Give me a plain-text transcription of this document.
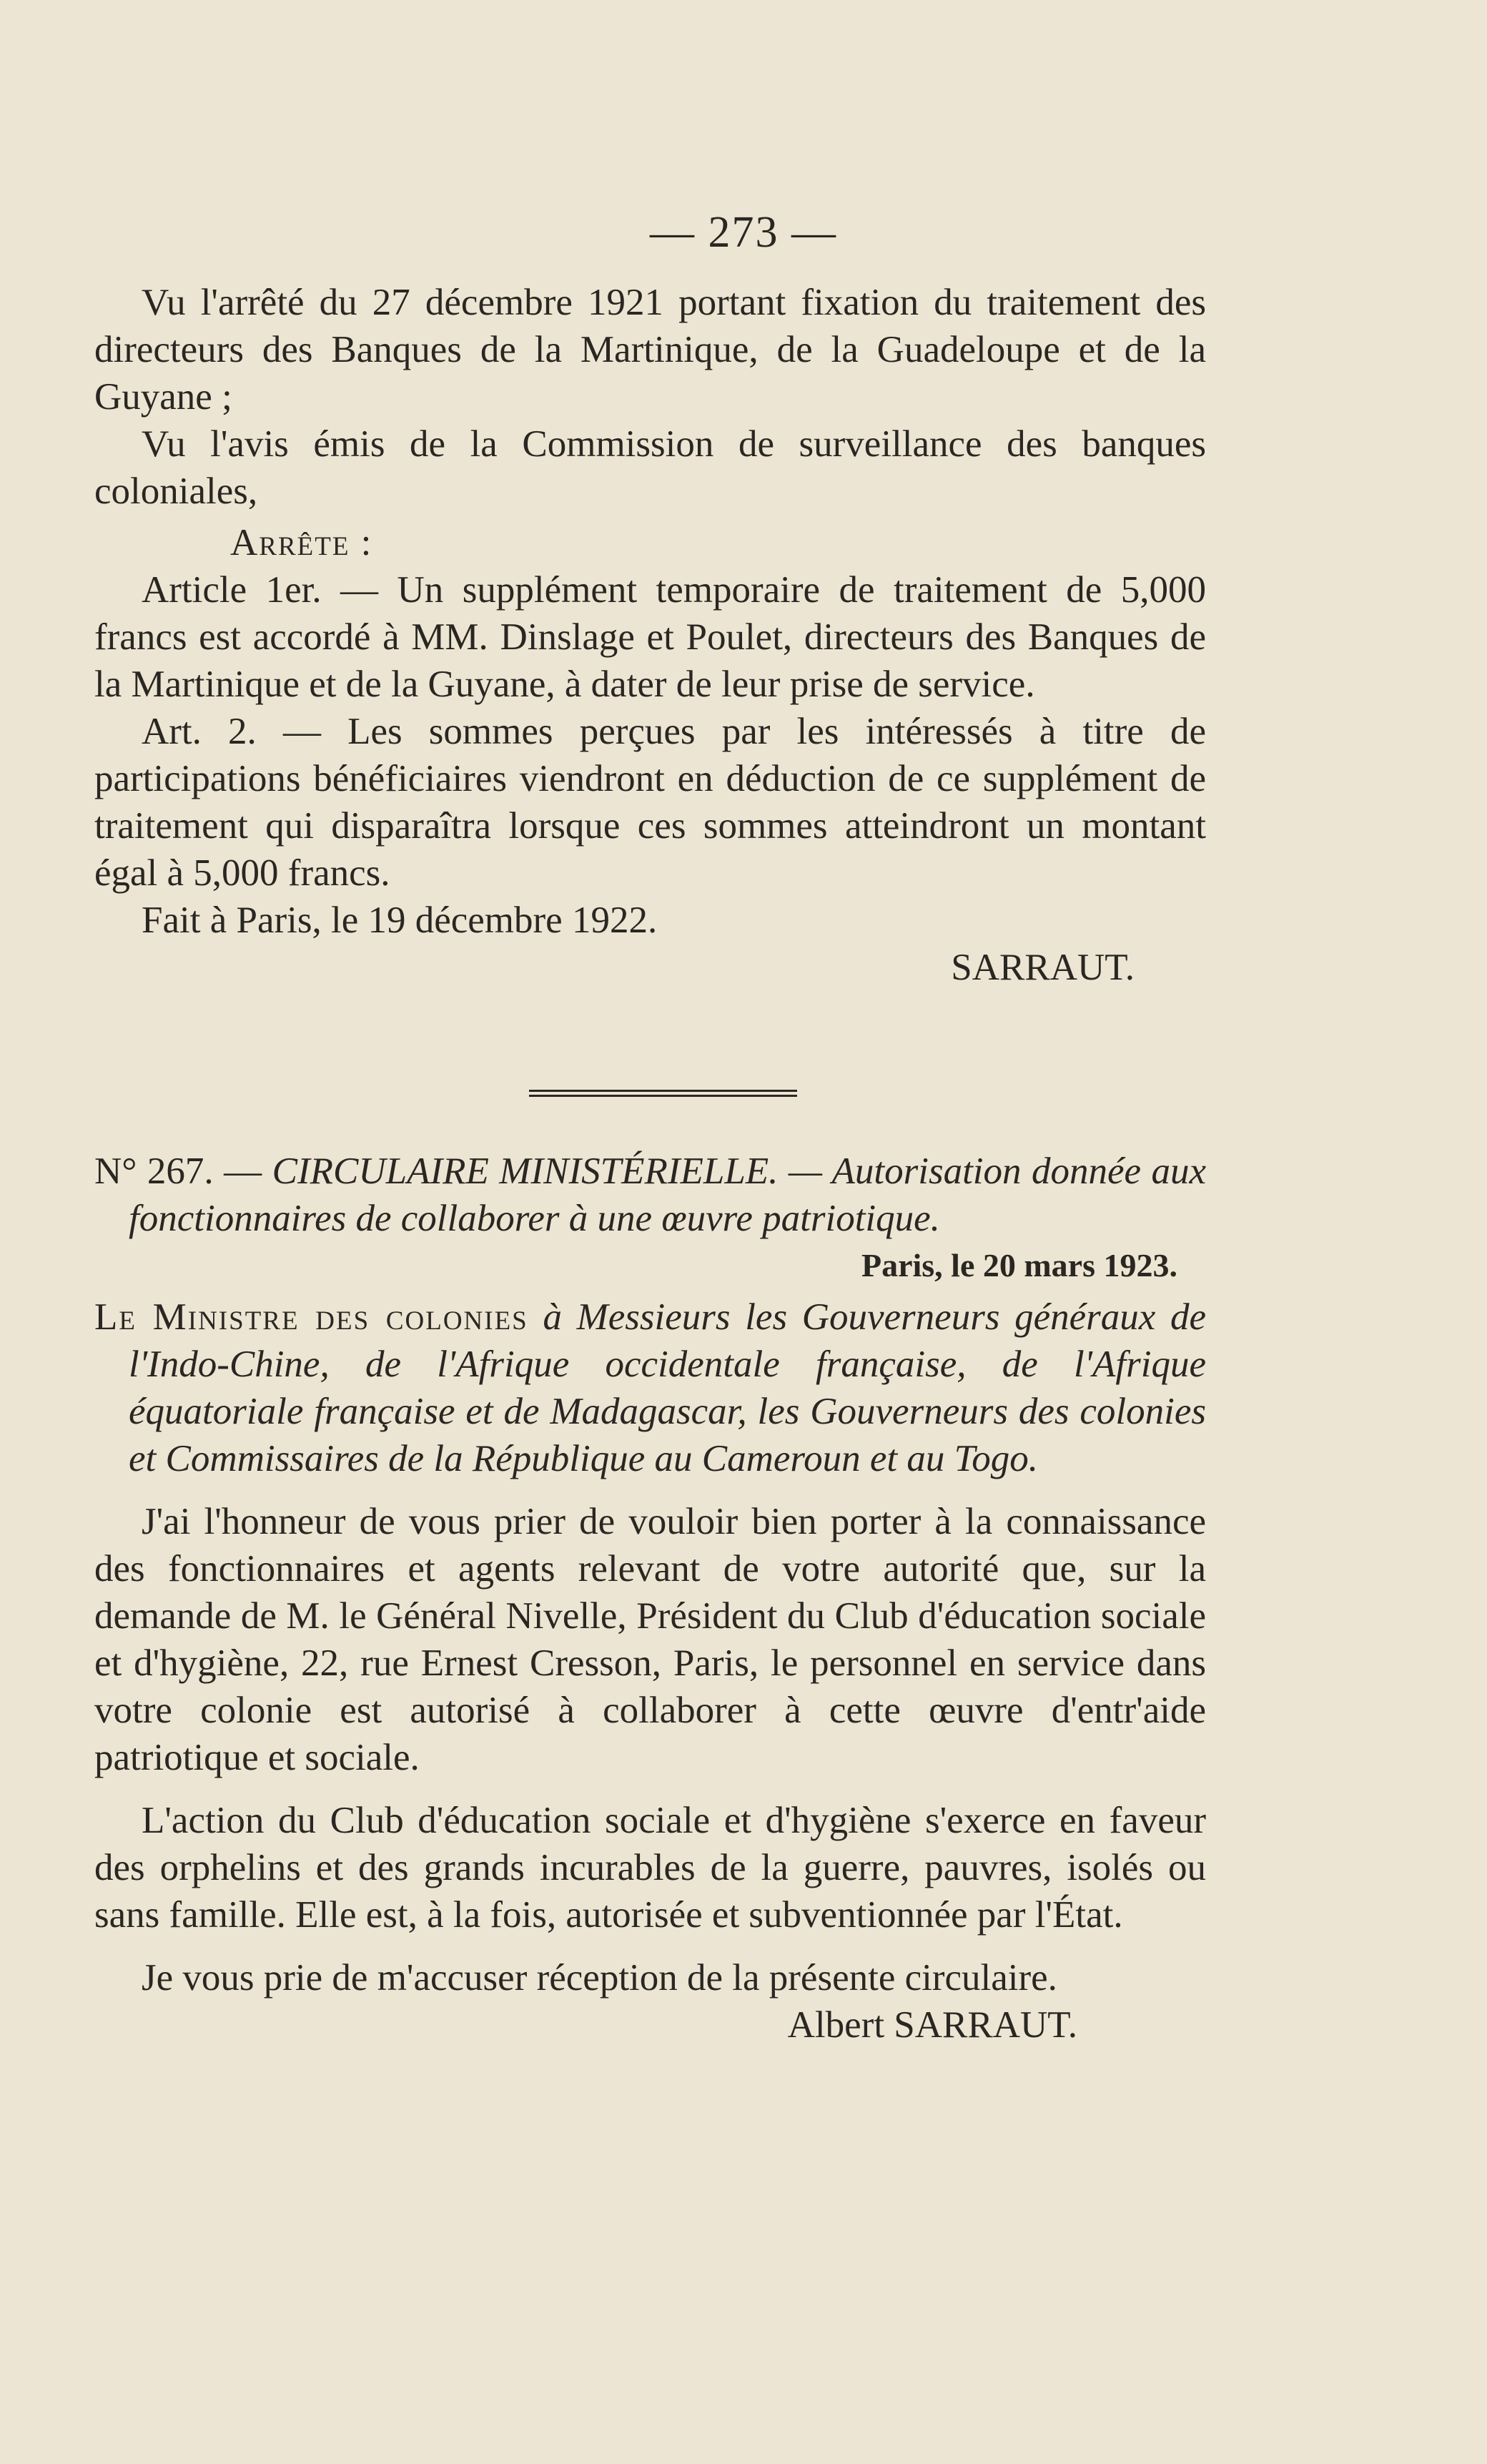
— 273 —

Vu l'arrêté du 27 décembre 1921 portant fixation du traitement des directeurs des Banques de la Martinique, de la Guadeloupe et de la Guyane ;

Vu l'avis émis de la Commission de surveillance des banques coloniales,

Arrête :

Article 1er. — Un supplément temporaire de traitement de 5,000 francs est accordé à MM. Dinslage et Poulet, directeurs des Banques de la Martinique et de la Guyane, à dater de leur prise de service.

Art. 2. — Les sommes perçues par les intéressés à titre de participations bénéficiaires viendront en déduction de ce supplément de traitement qui disparaîtra lorsque ces sommes atteindront un montant égal à 5,000 francs.

Fait à Paris, le 19 décembre 1922.

SARRAUT.

N° 267. — CIRCULAIRE MINISTÉRIELLE. — Autorisation donnée aux fonctionnaires de collaborer à une œuvre patriotique.

Paris, le 20 mars 1923.

Le Ministre des colonies à Messieurs les Gouverneurs généraux de l'Indo-Chine, de l'Afrique occidentale française, de l'Afrique équatoriale française et de Madagascar, les Gouverneurs des colonies et Commissaires de la République au Cameroun et au Togo.

J'ai l'honneur de vous prier de vouloir bien porter à la connaissance des fonctionnaires et agents relevant de votre autorité que, sur la demande de M. le Général Nivelle, Président du Club d'éducation sociale et d'hygiène, 22, rue Ernest Cresson, Paris, le personnel en service dans votre colonie est autorisé à collaborer à cette œuvre d'entr'aide patriotique et sociale.

L'action du Club d'éducation sociale et d'hygiène s'exerce en faveur des orphelins et des grands incurables de la guerre, pauvres, isolés ou sans famille. Elle est, à la fois, autorisée et subventionnée par l'État.

Je vous prie de m'accuser réception de la présente circulaire.

Albert SARRAUT.
